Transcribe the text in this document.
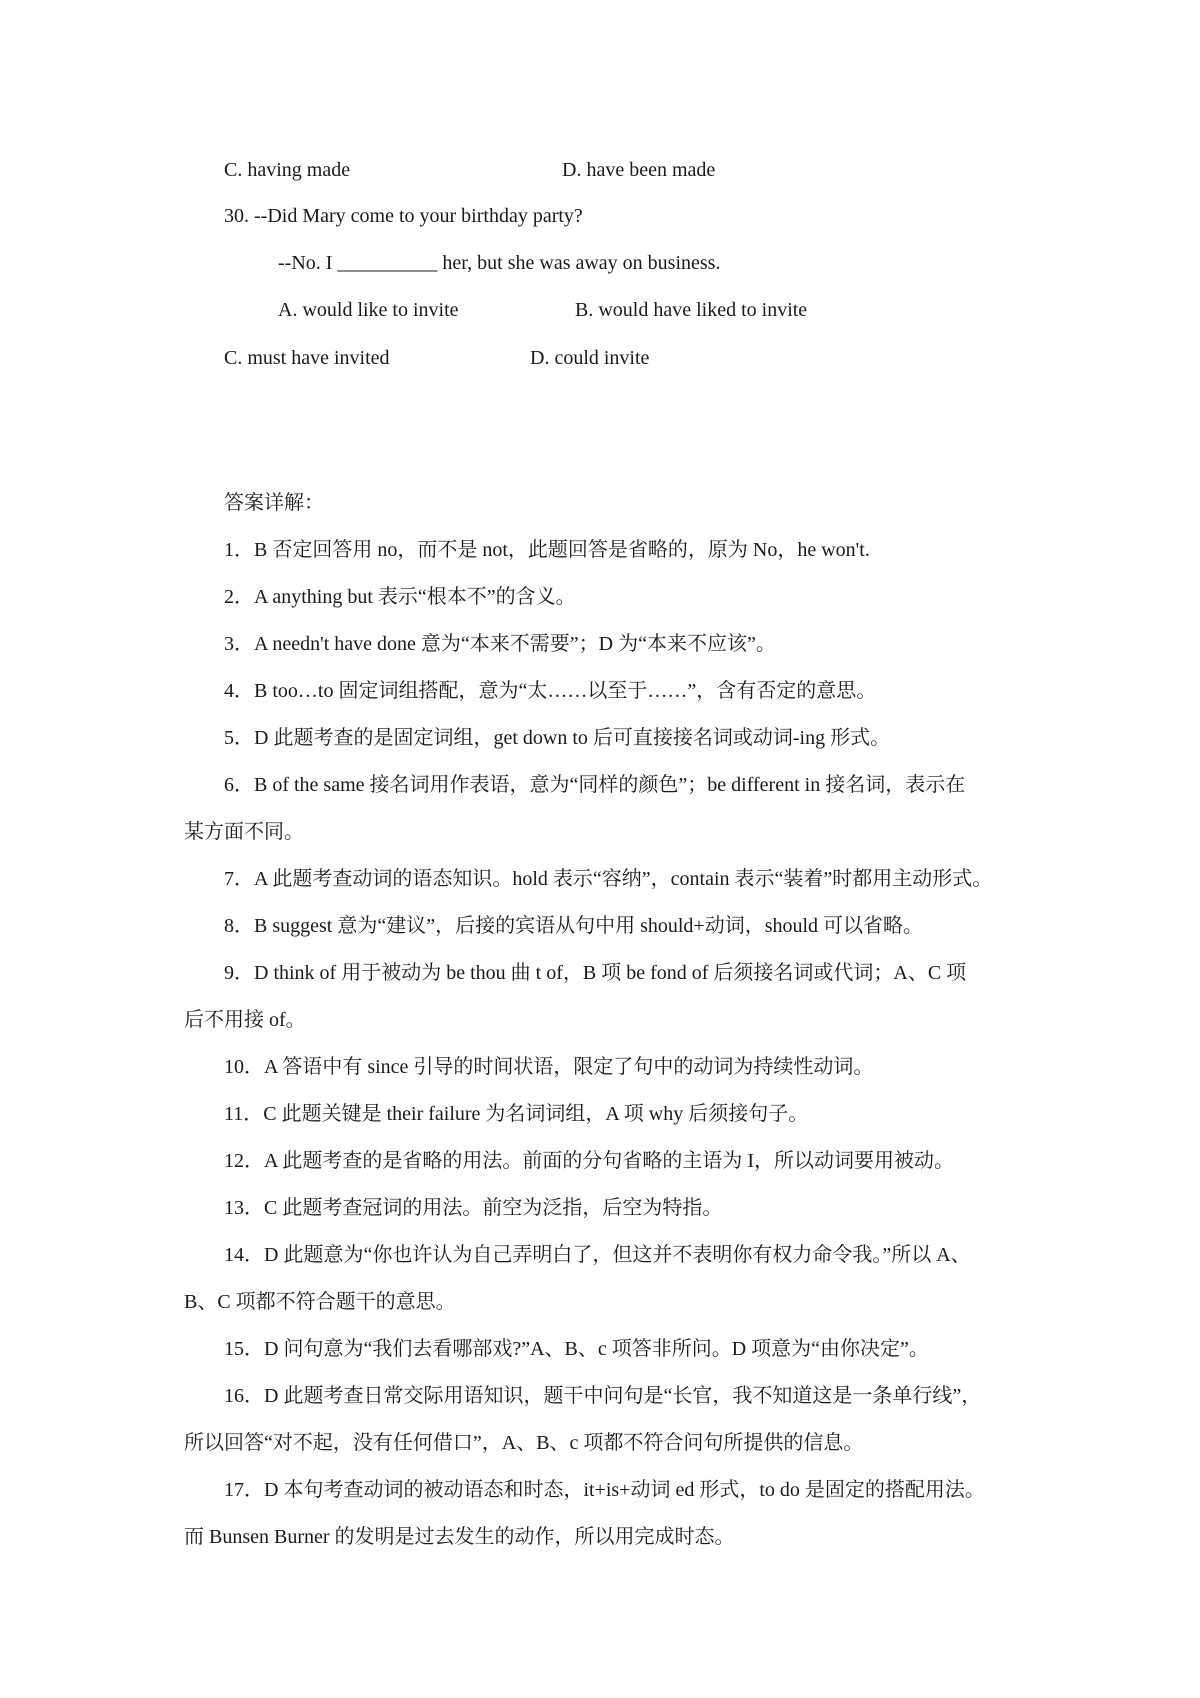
C. having made	D. have been made
30. --Did Mary come to your birthday party?
--No. I __________ her, but she was away on business.
A. would like to invite	B. would have liked to invite
C. must have invited	D. could invite
答案详解：
1．B 否定回答用 no，而不是 not，此题回答是省略的，原为 No，he won't.
2．A anything but 表示“根本不”的含义。
3．A needn't have done 意为“本来不需要”；D 为“本来不应该”。
4．B too…to 固定词组搭配，意为“太……以至于……”，含有否定的意思。
5．D 此题考查的是固定词组，get down to 后可直接接名词或动词-ing 形式。
6．B of the same 接名词用作表语，意为“同样的颜色”；be different in 接名词，表示在
某方面不同。
7．A 此题考查动词的语态知识。hold 表示“容纳”，contain 表示“装着”时都用主动形式。
8．B suggest 意为“建议”，后接的宾语从句中用 should+动词，should 可以省略。
9．D think of 用于被动为 be thou 曲 t of，B 项 be fond of 后须接名词或代词；A、C 项
后不用接 of。
10．A 答语中有 since 引导的时间状语，限定了句中的动词为持续性动词。
11．C 此题关键是 their failure 为名词词组，A 项 why 后须接句子。
12．A 此题考查的是省略的用法。前面的分句省略的主语为 I，所以动词要用被动。
13．C 此题考查冠词的用法。前空为泛指，后空为特指。
14．D 此题意为“你也许认为自己弄明白了，但这并不表明你有权力命令我。”所以 A、
B、C 项都不符合题干的意思。
15．D 问句意为“我们去看哪部戏?”A、B、c 项答非所问。D 项意为“由你决定”。
16．D 此题考查日常交际用语知识，题干中问句是“长官，我不知道这是一条单行线”，
所以回答“对不起，没有任何借口”，A、B、c 项都不符合问句所提供的信息。
17．D 本句考查动词的被动语态和时态，it+is+动词 ed 形式，to do 是固定的搭配用法。
而 Bunsen Burner 的发明是过去发生的动作，所以用完成时态。
